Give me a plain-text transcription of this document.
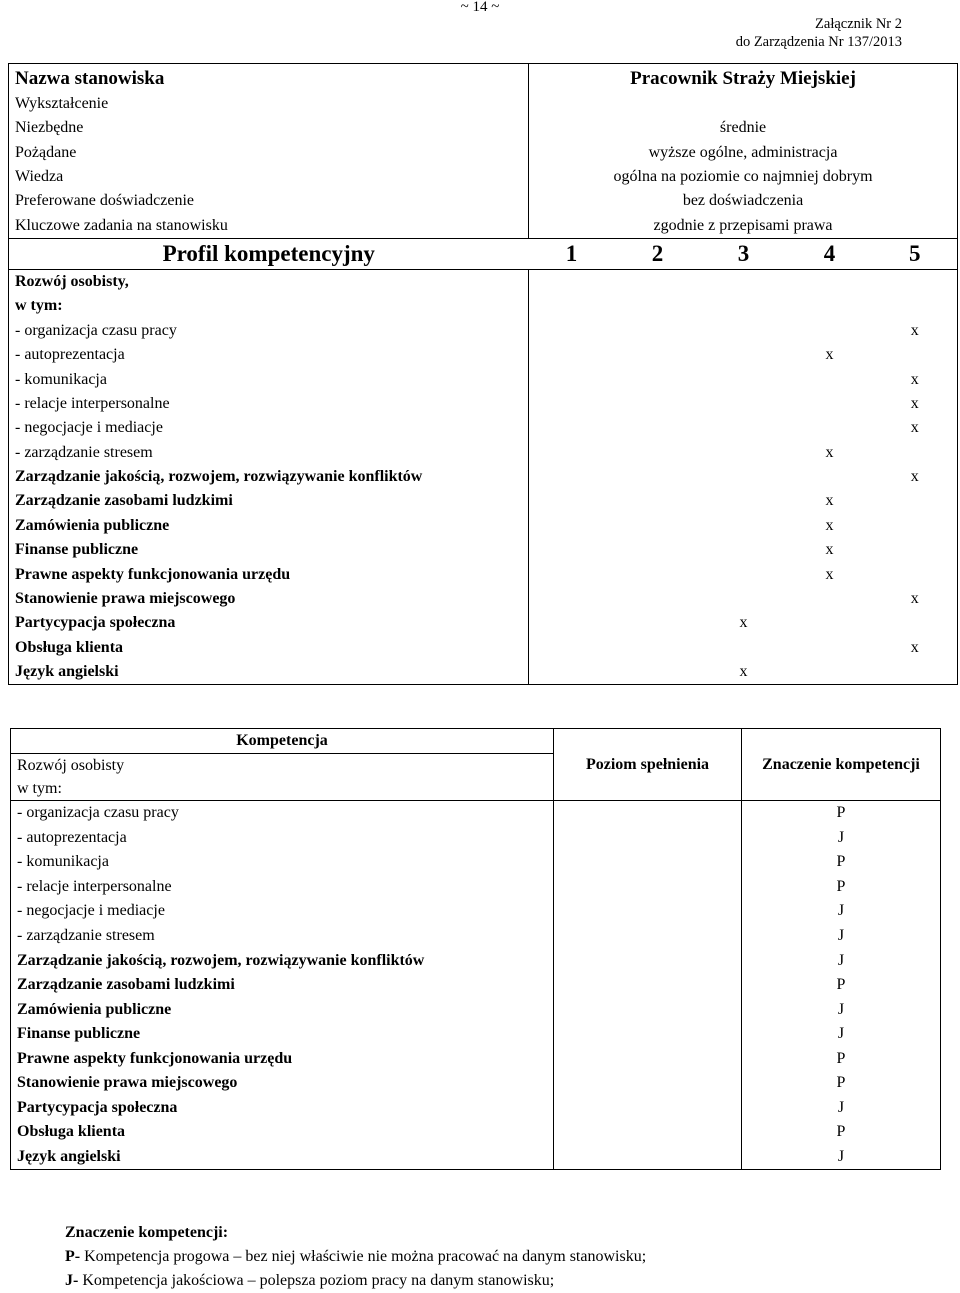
~ 14 ~
Załącznik Nr 2
do Zarządzenia Nr 137/2013
Nazwa stanowiska	Pracownik Straży Miejskiej				
Wykształcenie					
Niezbędne	średnie				
Pożądane	wyższe ogólne, administracja				
Wiedza	ogólna na poziomie co najmniej dobrym				
Preferowane doświadczenie	bez doświadczenia				
Kluczowe zadania na stanowisku	zgodnie z przepisami prawa				
Profil kompetencyjny	1	2	3	4	5
Rozwój osobisty,					
w tym:					
- organizacja czasu pracy					x
- autoprezentacja				x	
- komunikacja					x
- relacje interpersonalne					x
- negocjacje i mediacje					x
- zarządzanie stresem				x	
Zarządzanie jakością, rozwojem, rozwiązywanie konfliktów					x
Zarządzanie zasobami ludzkimi				x	
Zamówienia publiczne				x	
Finanse publiczne				x	
Prawne aspekty funkcjonowania urzędu				x	
Stanowienie prawa miejscowego					x
Partycypacja społeczna			x		
Obsługa klienta					x
Język angielski			x		
Kompetencja	Poziom spełnienia	Znaczenie kompetencji
Rozwój osobisty		
w tym:		
- organizacja czasu pracy		P
- autoprezentacja		J
- komunikacja		P
- relacje interpersonalne		P
- negocjacje i mediacje		J
- zarządzanie stresem		J
Zarządzanie jakością, rozwojem, rozwiązywanie konfliktów		J
Zarządzanie zasobami ludzkimi		P
Zamówienia publiczne		J
Finanse publiczne		J
Prawne aspekty funkcjonowania urzędu		P
Stanowienie prawa miejscowego		P
Partycypacja społeczna		J
Obsługa klienta		P
Język angielski		J
Znaczenie kompetencji:
P- Kompetencja progowa – bez niej właściwie nie można pracować na danym stanowisku;
J- Kompetencja jakościowa – polepsza poziom pracy na danym stanowisku;
